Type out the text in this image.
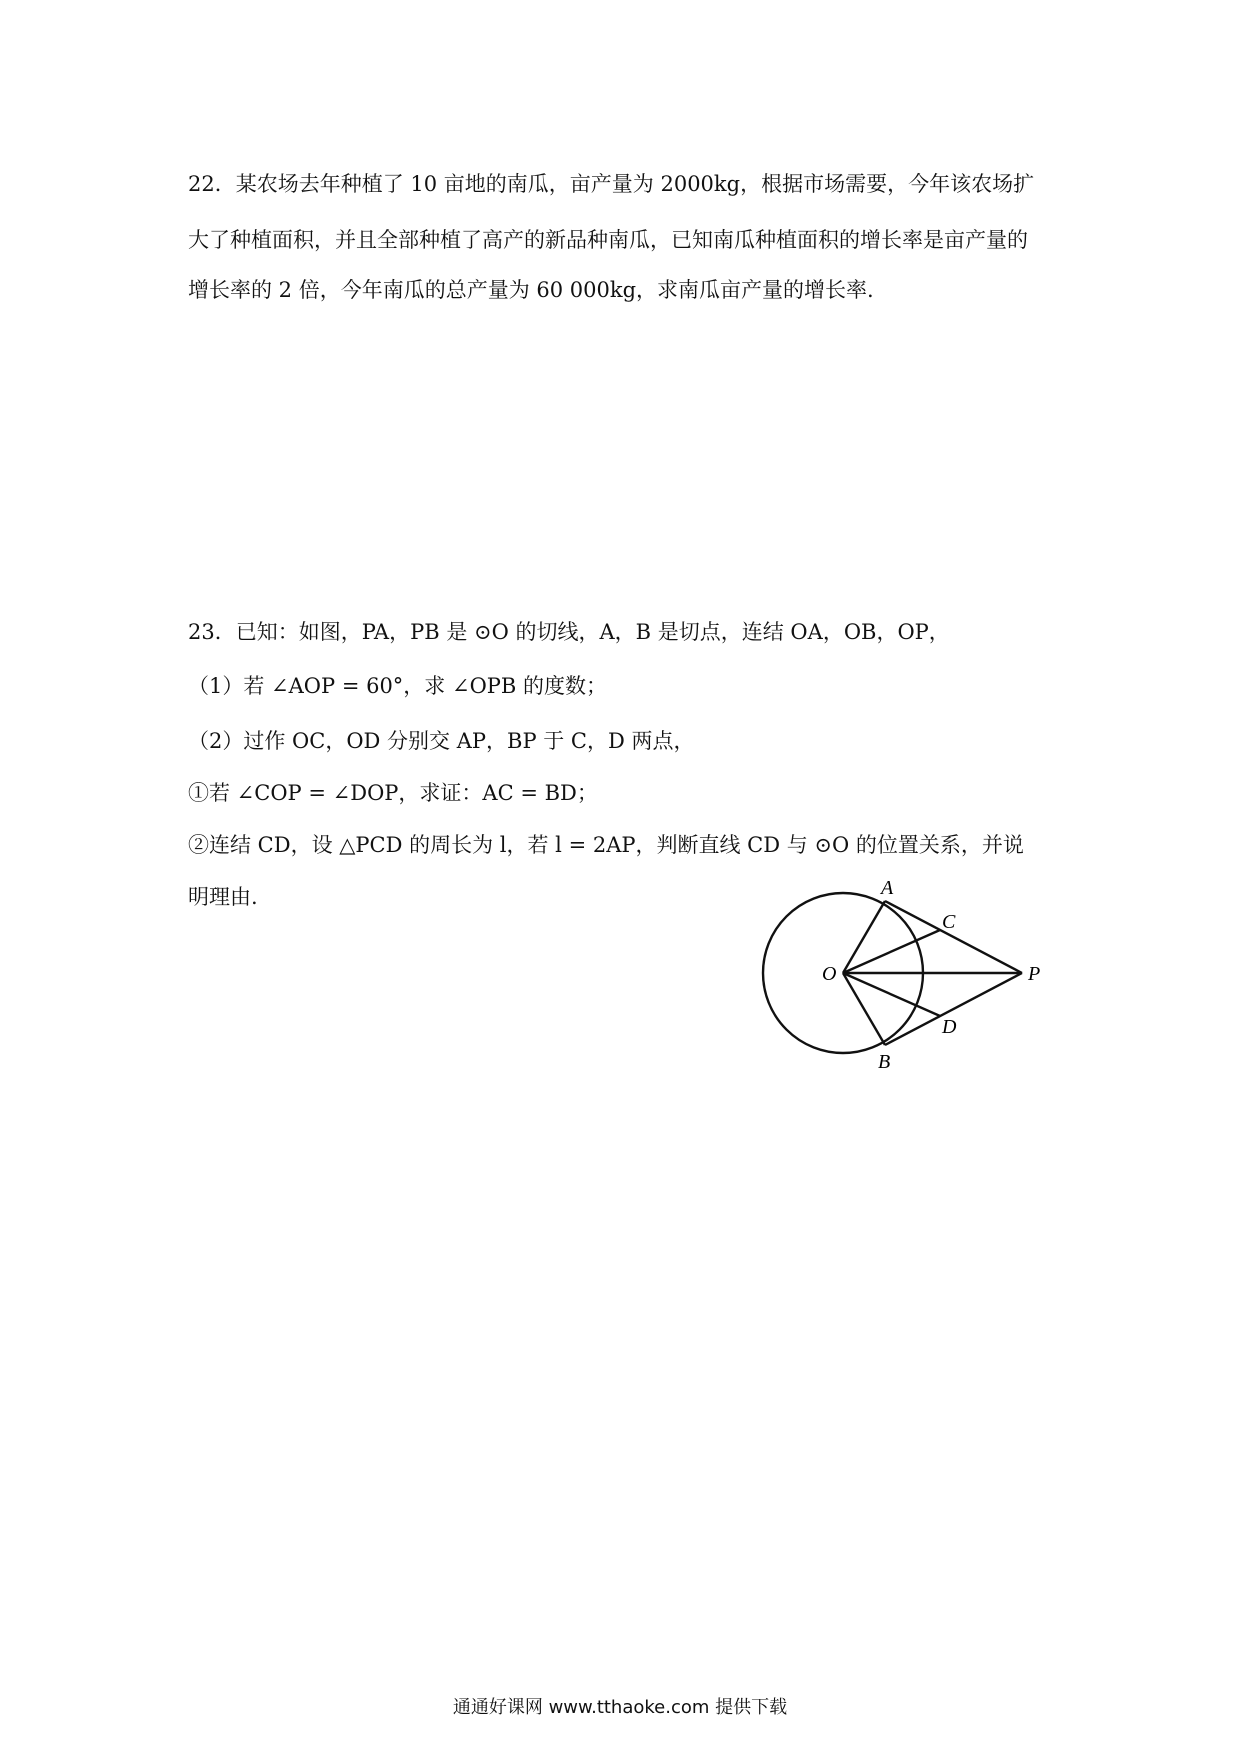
22．某农场去年种植了 10 亩地的南瓜，亩产量为 2000kg，根据市场需要，今年该农场扩
大了种植面积，并且全部种植了高产的新品种南瓜，已知南瓜种植面积的增长率是亩产量的
增长率的 2 倍，今年南瓜的总产量为 60 000kg，求南瓜亩产量的增长率.
23．已知：如图，PA，PB 是 ⊙O 的切线，A，B 是切点，连结 OA，OB，OP，
（1）若 ∠AOP = 60°，求 ∠OPB 的度数；
（2）过作 OC，OD 分别交 AP，BP 于 C，D 两点，
①若 ∠COP = ∠DOP，求证：AC = BD；
②连结 CD，设 △PCD 的周长为 l，若 l = 2AP，判断直线 CD 与 ⊙O 的位置关系，并说
明理由.	A
C
O	P
D
B
通通好课网 www.tthaoke.com 提供下载
